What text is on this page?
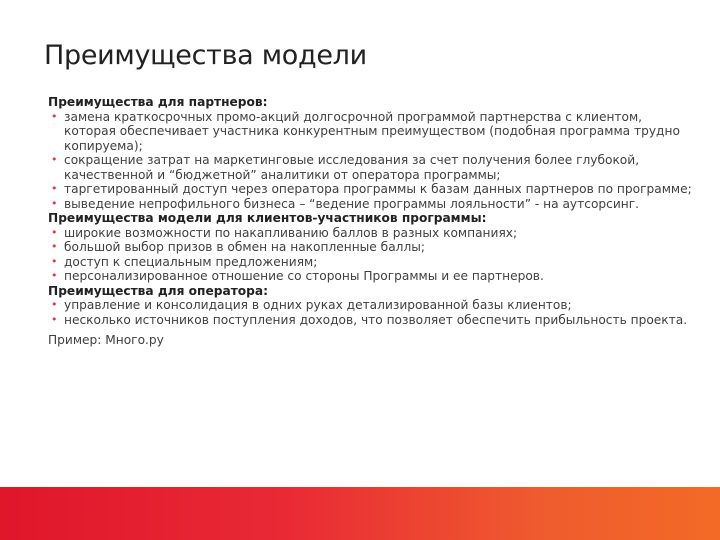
Преимущества модели
Преимущества для партнеров:
• замена краткосрочных промо-акций долгосрочной программой партнерства с клиентом, которая обеспечивает участника конкурентным преимуществом (подобная программа трудно копируема);
• сокращение затрат на маркетинговые исследования за счет получения более глубокой, качественной и “бюджетной” аналитики от оператора программы;
• таргетированный доступ через оператора программы к базам данных партнеров по программе;
• выведение непрофильного бизнеса – “ведение программы лояльности” - на аутсорсинг.
Преимущества модели для клиентов-участников программы:
• широкие возможности по накапливанию баллов в разных компаниях;
• большой выбор призов в обмен на накопленные баллы;
• доступ к специальным предложениям;
• персонализированное отношение со стороны Программы и ее партнеров.
Преимущества для оператора:
• управление и консолидация в одних руках детализированной базы клиентов;
• несколько источников поступления доходов, что позволяет обеспечить прибыльность проекта.
Пример: Много.ру
